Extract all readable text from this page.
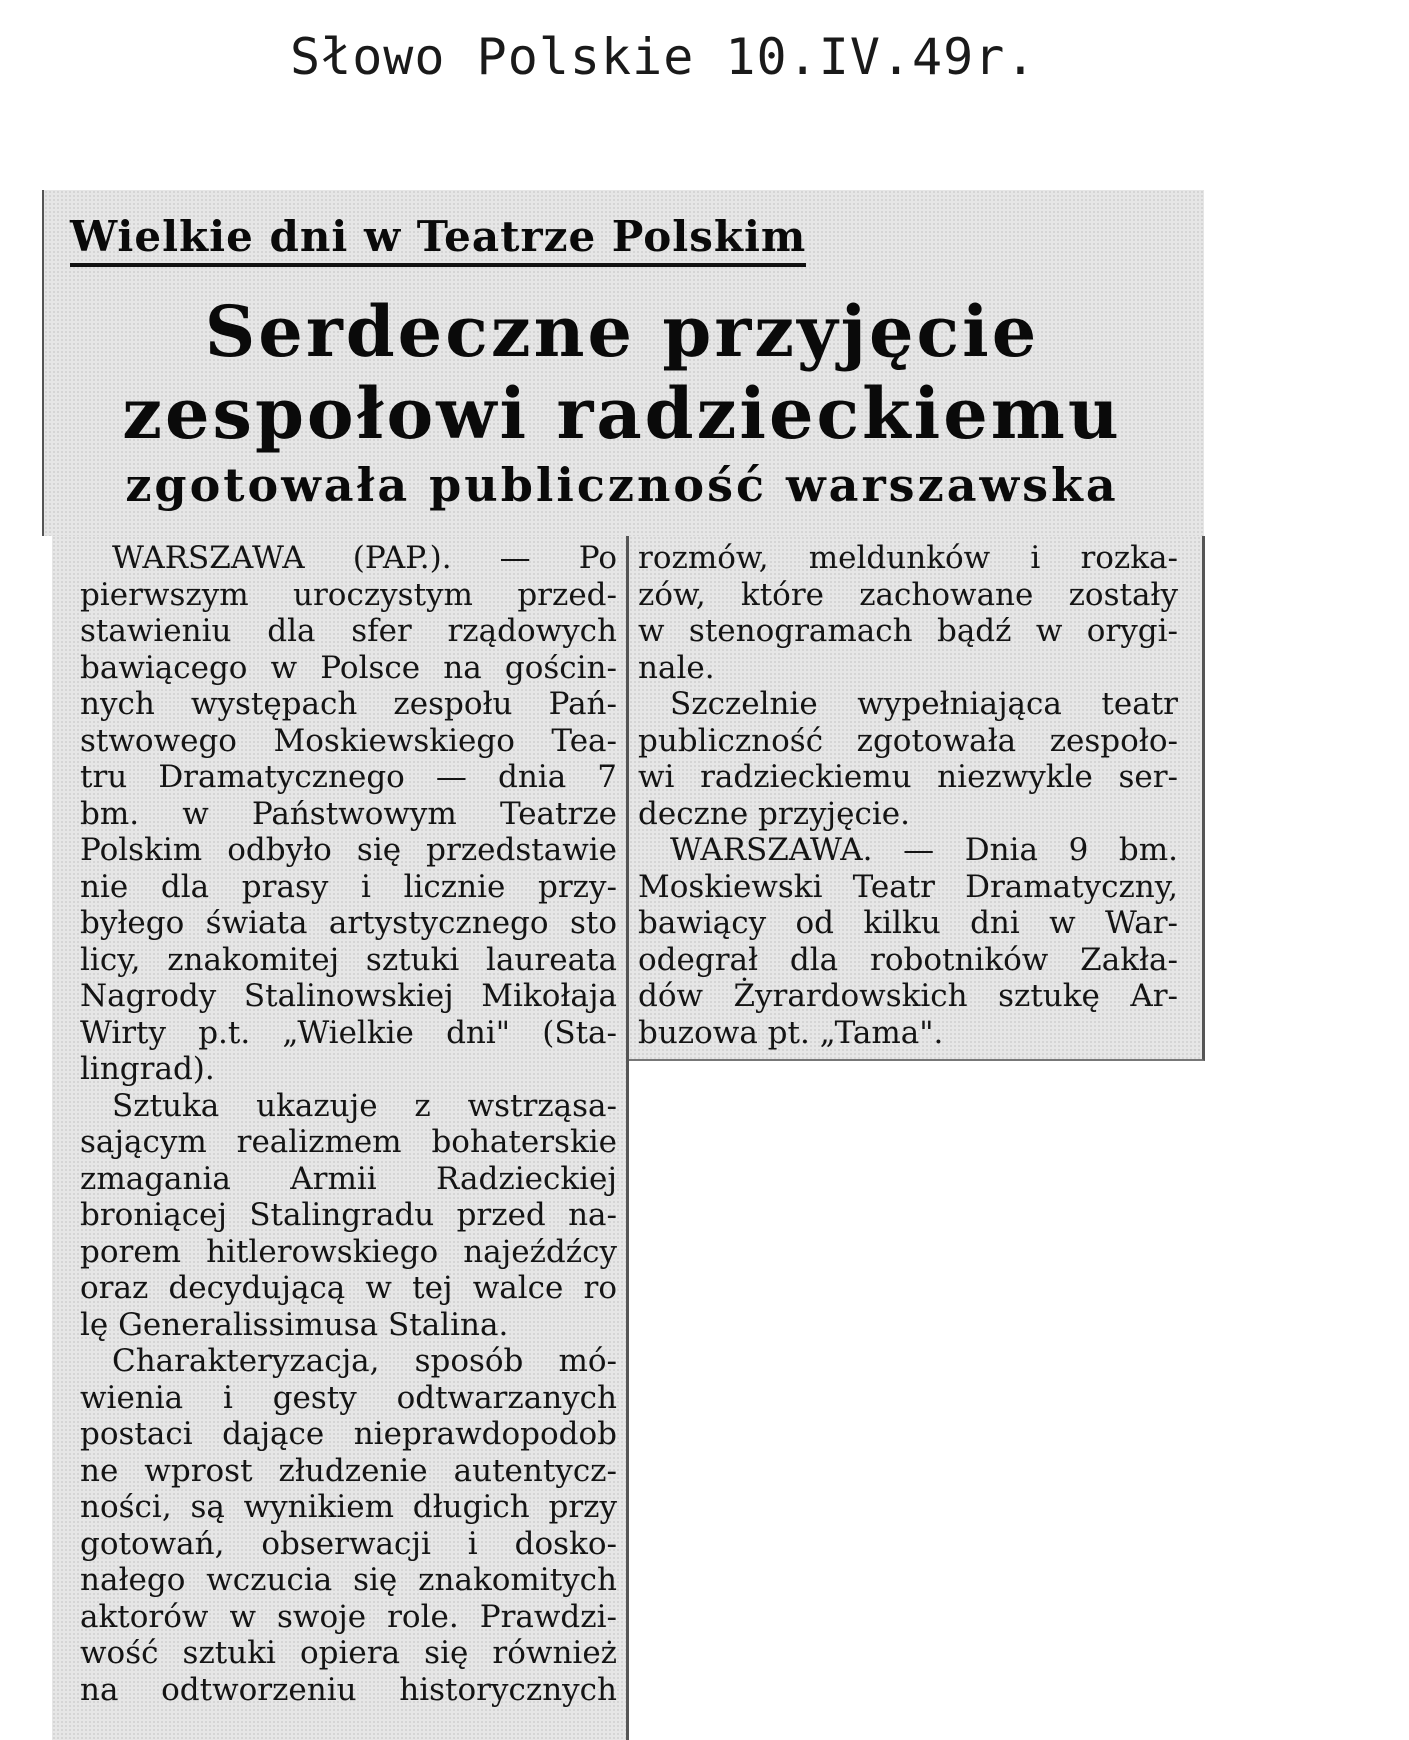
Słowo Polskie 10.IV.49r.
Wielkie dni w Teatrze Polskim
Serdeczne przyjęcie
zespołowi radzieckiemu
zgotowała publiczność warszawska
WARSZAWA (PAP.). — Po
pierwszym uroczystym przed-
stawieniu dla sfer rządowych
bawiącego w Polsce na gościn-
nych występach zespołu Pań-
stwowego Moskiewskiego Tea-
tru Dramatycznego — dnia 7
bm. w Państwowym Teatrze
Polskim odbyło się przedstawie
nie dla prasy i licznie przy-
byłego świata artystycznego sto
licy, znakomitej sztuki laureata
Nagrody Stalinowskiej Mikołaja
Wirty p.t. „Wielkie dni" (Sta-
lingrad).
Sztuka ukazuje z wstrząsa-
sającym realizmem bohaterskie
zmagania Armii Radzieckiej
broniącej Stalingradu przed na-
porem hitlerowskiego najeźdźcy
oraz decydującą w tej walce ro
lę Generalissimusa Stalina.
Charakteryzacja, sposób mó-
wienia i gesty odtwarzanych
postaci dające nieprawdopodob
ne wprost złudzenie autentycz-
ności, są wynikiem długich przy
gotowań, obserwacji i dosko-
nałego wczucia się znakomitych
aktorów w swoje role. Prawdzi-
wość sztuki opiera się również
na odtworzeniu historycznych
rozmów, meldunków i rozka-
zów, które zachowane zostały
w stenogramach bądź w orygi-
nale.
Szczelnie wypełniająca teatr
publiczność zgotowała zespoło-
wi radzieckiemu niezwykle ser-
deczne przyjęcie.
WARSZAWA. — Dnia 9 bm.
Moskiewski Teatr Dramatyczny,
bawiący od kilku dni w War-
odegrał dla robotników Zakła-
dów Żyrardowskich sztukę Ar-
buzowa pt. „Tama".
